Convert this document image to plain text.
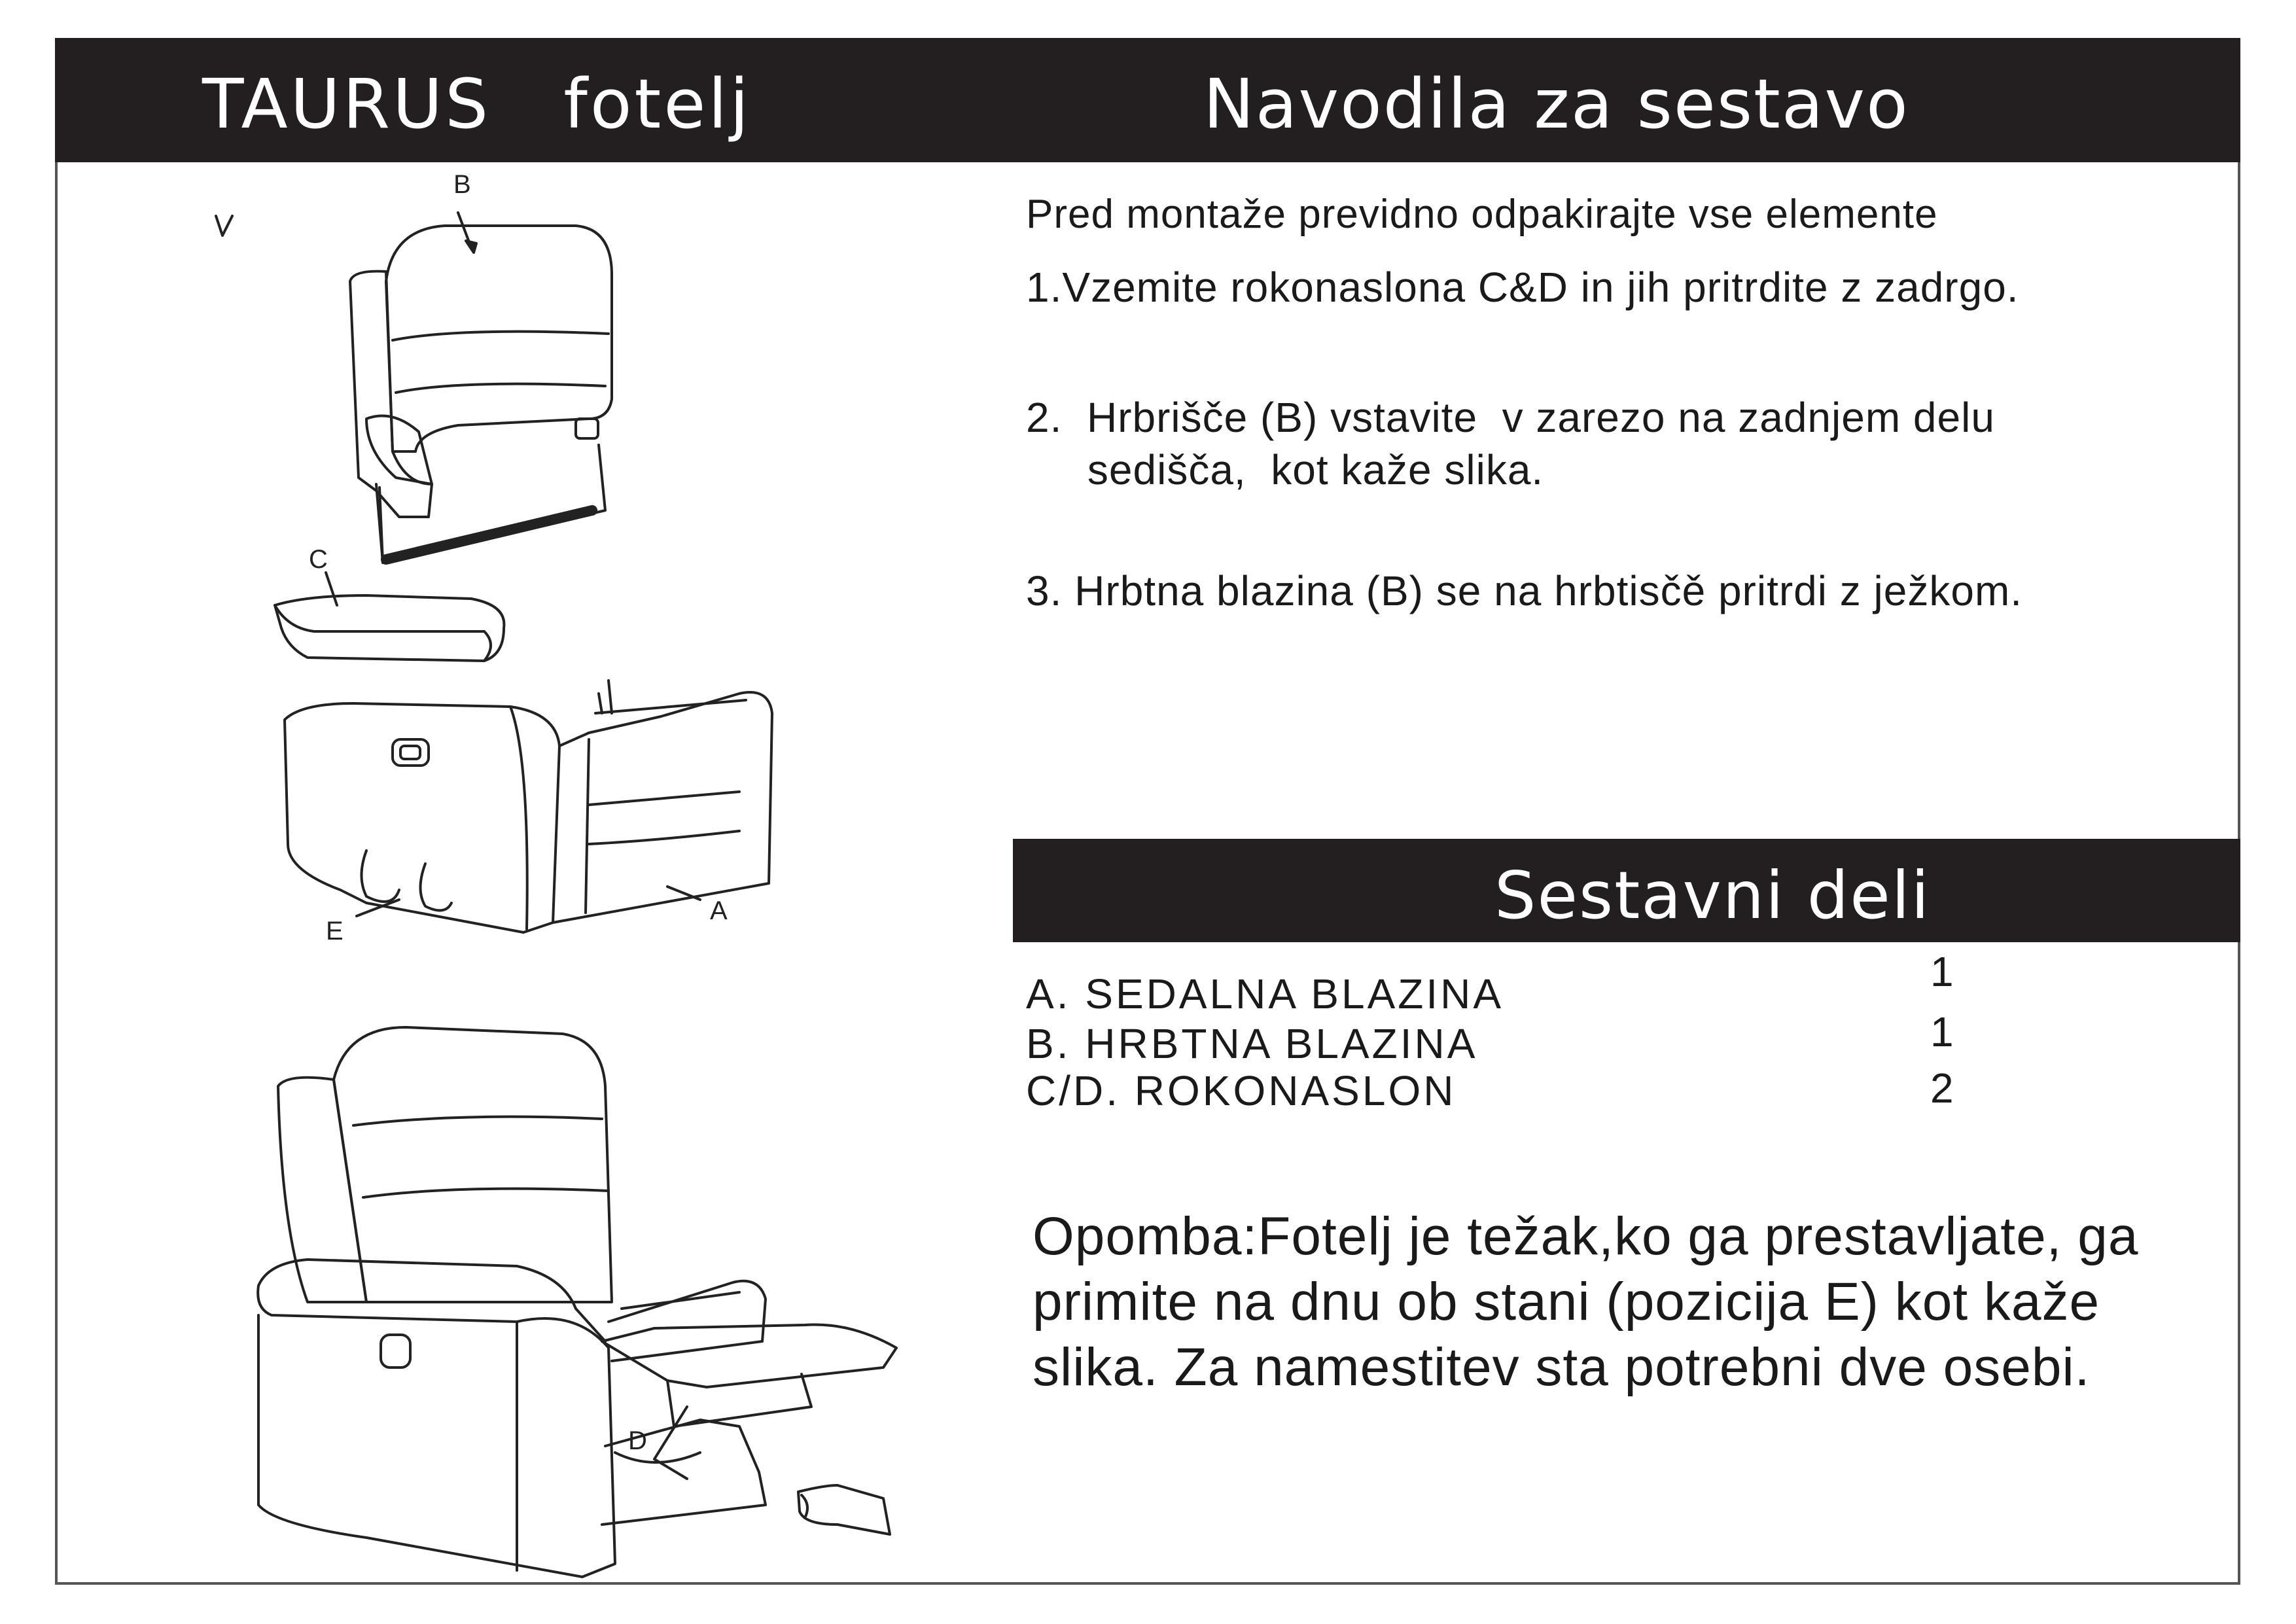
TAURUS   fotelj	Navodila za sestavo
Pred montaže previdno odpakirajte vse elemente
1.Vzemite rokonaslona C&D in jih pritrdite z zadrgo.
2.  Hrbrišče (B) vstavite  v zarezo na zadnjem delu
sedišča,  kot kaže slika.
3. Hrbtna blazina (B) se na hrbtisčě pritrdi z ježkom.
Sestavni deli
A. SEDALNA BLAZINA	1
B. HRBTNA BLAZINA	1
C/D. ROKONASLON	2
Opomba:Fotelj je težak,ko ga prestavljate, ga primite na dnu ob stani (pozicija E) kot kaže slika. Za namestitev sta potrebni dve osebi.
B
C
A
E
D
